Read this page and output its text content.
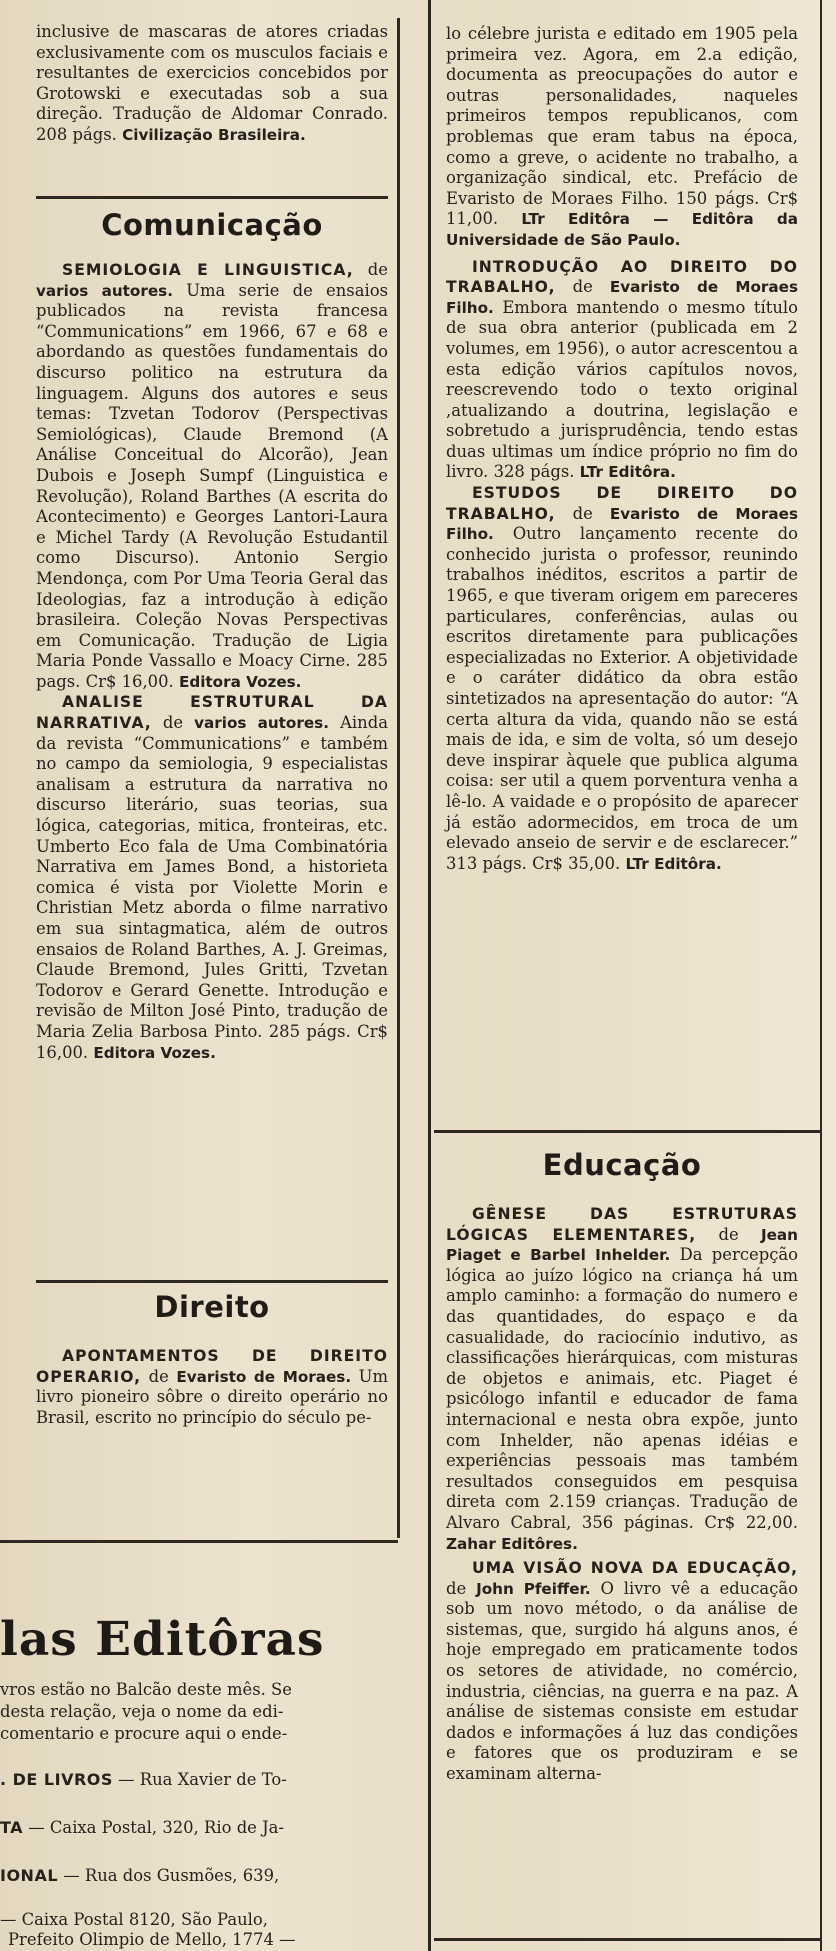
inclusive de mascaras de atores criadas exclusivamente com os musculos faciais e resultantes de exercicios concebidos por Grotowski e executadas sob a sua direção. Tradução de Aldomar Conrado. 208 págs. Civilização Brasileira.

Comunicação

SEMIOLOGIA E LINGUISTICA, de varios autores. Uma serie de ensaios publicados na revista francesa “Communications” em 1966, 67 e 68 e abordando as questões fundamentais do discurso politico na estrutura da linguagem. Alguns dos autores e seus temas: Tzvetan Todorov (Perspectivas Semiológicas), Claude Bremond (A Análise Conceitual do Alcorão), Jean Dubois e Joseph Sumpf (Linguistica e Revolução), Roland Barthes (A escrita do Acontecimento) e Georges Lantori-Laura e Michel Tardy (A Revolução Estudantil como Discurso). Antonio Sergio Mendonça, com Por Uma Teoria Geral das Ideologias, faz a introdução à edição brasileira. Coleção Novas Perspectivas em Comunicação. Tradução de Ligia Maria Ponde Vassallo e Moacy Cirne. 285 pags. Cr$ 16,00. Editora Vozes.

ANALISE ESTRUTURAL DA NARRATIVA, de varios autores. Ainda da revista “Communications” e também no campo da semiologia, 9 especialistas analisam a estrutura da narrativa no discurso literário, suas teorias, sua lógica, categorias, mitica, fronteiras, etc. Umberto Eco fala de Uma Combinatória Narrativa em James Bond, a historieta comica é vista por Violette Morin e Christian Metz aborda o filme narrativo em sua sintagmatica, além de outros ensaios de Roland Barthes, A. J. Greimas, Claude Bremond, Jules Gritti, Tzvetan Todorov e Gerard Genette. Introdução e revisão de Milton José Pinto, tradução de Maria Zelia Barbosa Pinto. 285 págs. Cr$ 16,00. Editora Vozes.

Direito

APONTAMENTOS DE DIREITO OPERARIO, de Evaristo de Moraes. Um livro pioneiro sôbre o direito operário no Brasil, escrito no princípio do século pe-

las Editôras
vros estão no Balcão deste mês. Se
desta relação, veja o nome da edi-
comentario e procure aqui o ende-
. DE LIVROS — Rua Xavier de To-
TA — Caixa Postal, 320, Rio de Ja-
IONAL — Rua dos Gusmões, 639,
— Caixa Postal 8120, São Paulo,
Prefeito Olimpio de Mello, 1774 —

lo célebre jurista e editado em 1905 pela primeira vez. Agora, em 2.a edição, documenta as preocupações do autor e outras personalidades, naqueles primeiros tempos republicanos, com problemas que eram tabus na época, como a greve, o acidente no trabalho, a organização sindical, etc. Prefácio de Evaristo de Moraes Filho. 150 págs. Cr$ 11,00. LTr Editôra — Editôra da Universidade de São Paulo.

INTRODUÇÃO AO DIREITO DO TRABALHO, de Evaristo de Moraes Filho. Embora mantendo o mesmo título de sua obra anterior (publicada em 2 volumes, em 1956), o autor acrescentou a esta edição vários capítulos novos, reescrevendo todo o texto original ,atualizando a doutrina, legislação e sobretudo a jurisprudência, tendo estas duas ultimas um índice próprio no fim do livro. 328 págs. LTr Editôra.

ESTUDOS DE DIREITO DO TRABALHO, de Evaristo de Moraes Filho. Outro lançamento recente do conhecido jurista o professor, reunindo trabalhos inéditos, escritos a partir de 1965, e que tiveram origem em pareceres particulares, conferências, aulas ou escritos diretamente para publicações especializadas no Exterior. A objetividade e o caráter didático da obra estão sintetizados na apresentação do autor: “A certa altura da vida, quando não se está mais de ida, e sim de volta, só um desejo deve inspirar àquele que publica alguma coisa: ser util a quem porventura venha a lê-lo. A vaidade e o propósito de aparecer já estão adormecidos, em troca de um elevado anseio de servir e de esclarecer.” 313 págs. Cr$ 35,00. LTr Editôra.

Educação

GÊNESE DAS ESTRUTURAS LÓGICAS ELEMENTARES, de Jean Piaget e Barbel Inhelder. Da percepção lógica ao juízo lógico na criança há um amplo caminho: a formação do numero e das quantidades, do espaço e da casualidade, do raciocínio indutivo, as classificações hierárquicas, com misturas de objetos e animais, etc. Piaget é psicólogo infantil e educador de fama internacional e nesta obra expõe, junto com Inhelder, não apenas idéias e experiências pessoais mas também resultados conseguidos em pesquisa direta com 2.159 crianças. Tradução de Alvaro Cabral, 356 páginas. Cr$ 22,00. Zahar Editôres.

UMA VISÃO NOVA DA EDUCAÇÃO, de John Pfeiffer. O livro vê a educação sob um novo método, o da análise de sistemas, que, surgido há alguns anos, é hoje empregado em praticamente todos os setores de atividade, no comércio, industria, ciências, na guerra e na paz. A análise de sistemas consiste em estudar dados e informações á luz das condições e fatores que os produziram e se examinam alterna-
